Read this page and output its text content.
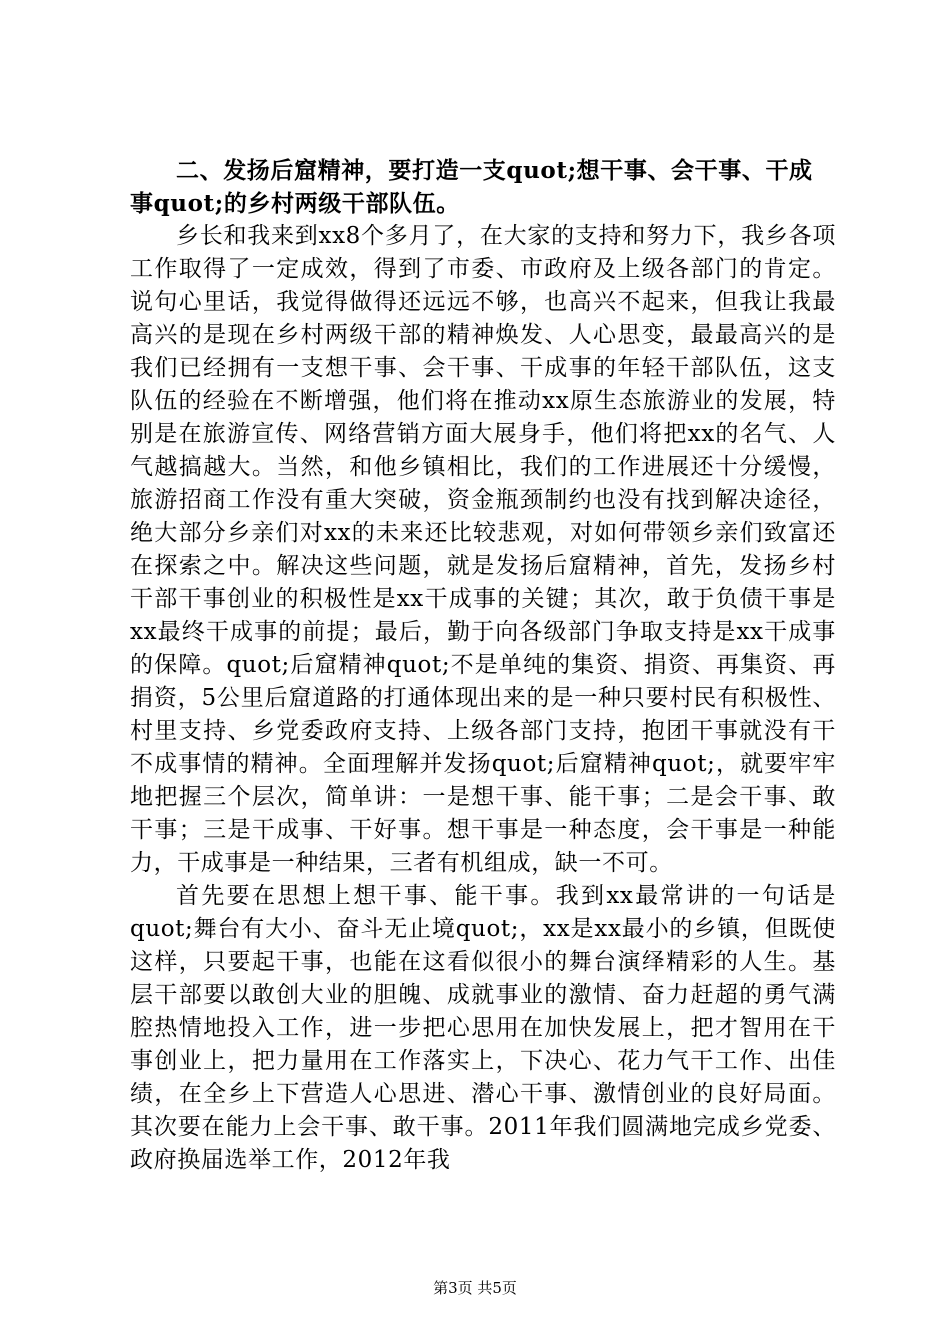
二、发扬后窟精神，要打造一支quot;想干事、会干事、干成事quot;的乡村两级干部队伍。

乡长和我来到xx8个多月了，在大家的支持和努力下，我乡各项工作取得了一定成效，得到了市委、市政府及上级各部门的肯定。说句心里话，我觉得做得还远远不够，也高兴不起来，但我让我最高兴的是现在乡村两级干部的精神焕发、人心思变，最最高兴的是我们已经拥有一支想干事、会干事、干成事的年轻干部队伍，这支队伍的经验在不断增强，他们将在推动xx原生态旅游业的发展，特别是在旅游宣传、网络营销方面大展身手，他们将把xx的名气、人气越搞越大。当然，和他乡镇相比，我们的工作进展还十分缓慢，旅游招商工作没有重大突破，资金瓶颈制约也没有找到解决途径，绝大部分乡亲们对xx的未来还比较悲观，对如何带领乡亲们致富还在探索之中。解决这些问题，就是发扬后窟精神，首先，发扬乡村干部干事创业的积极性是xx干成事的关键；其次，敢于负债干事是xx最终干成事的前提；最后，勤于向各级部门争取支持是xx干成事的保障。quot;后窟精神quot;不是单纯的集资、捐资、再集资、再捐资，5公里后窟道路的打通体现出来的是一种只要村民有积极性、村里支持、乡党委政府支持、上级各部门支持，抱团干事就没有干不成事情的精神。全面理解并发扬quot;后窟精神quot;，就要牢牢地把握三个层次，简单讲：一是想干事、能干事；二是会干事、敢干事；三是干成事、干好事。想干事是一种态度，会干事是一种能力，干成事是一种结果，三者有机组成，缺一不可。

首先要在思想上想干事、能干事。我到xx最常讲的一句话是quot;舞台有大小、奋斗无止境quot;，xx是xx最小的乡镇，但既使这样，只要起干事，也能在这看似很小的舞台演绎精彩的人生。基层干部要以敢创大业的胆魄、成就事业的激情、奋力赶超的勇气满腔热情地投入工作，进一步把心思用在加快发展上，把才智用在干事创业上，把力量用在工作落实上，下决心、花力气干工作、出佳绩，在全乡上下营造人心思进、潜心干事、激情创业的良好局面。其次要在能力上会干事、敢干事。2011年我们圆满地完成乡党委、政府换届选举工作，2012年我

第3页 共5页
